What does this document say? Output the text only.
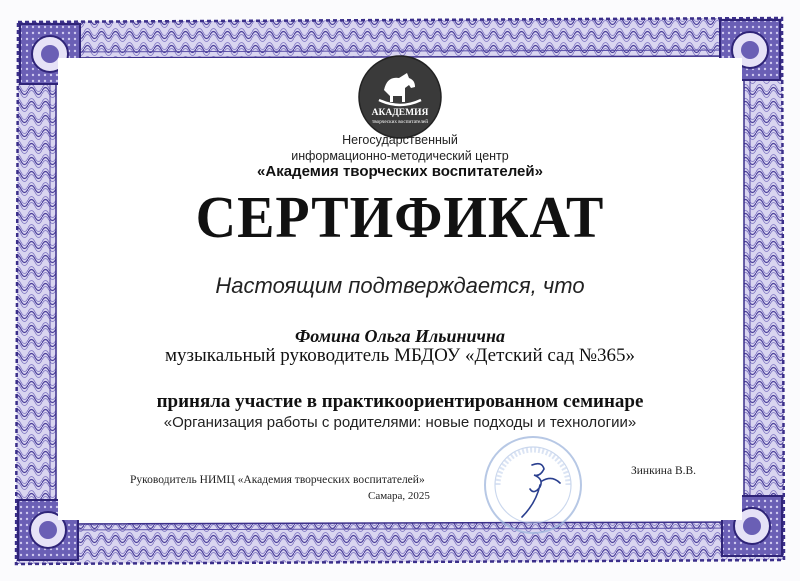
АКАДЕМИЯ
творческих воспитателей
Негосударственный
информационно-методический центр
«Академия творческих воспитателей»
СЕРТИФИКАТ
Настоящим подтверждается, что
Фомина Ольга Ильинична
музыкальный руководитель МБДОУ «Детский сад №365»
приняла участие в практикоориентированном семинаре
«Организация работы с родителями: новые подходы и технологии»
Руководитель НИМЦ «Академия творческих воспитателей»
Самара, 2025
Зинкина В.В.
